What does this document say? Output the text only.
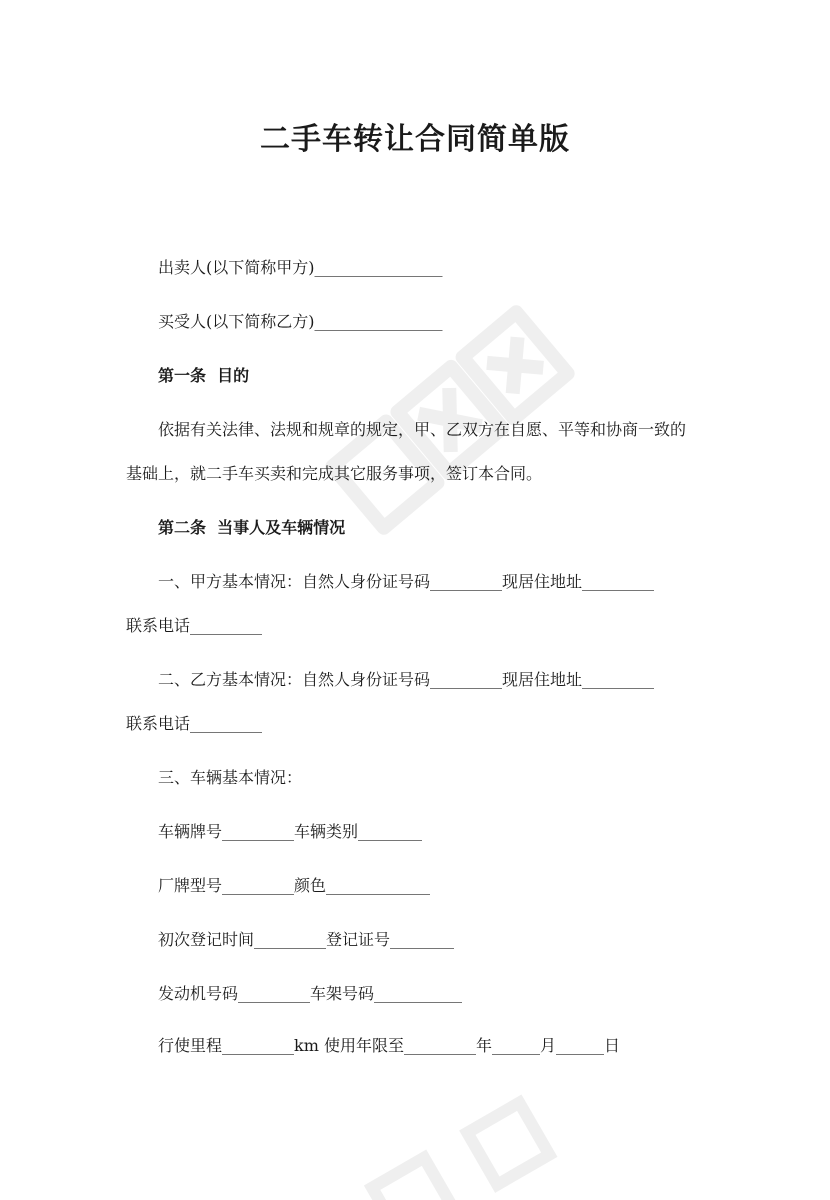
二手车转让合同简单版

出卖人(以下简称甲方)________________

买受人(以下简称乙方)________________

第一条  目的

依据有关法律、法规和规章的规定，甲、乙双方在自愿、平等和协商一致的

基础上，就二手车买卖和完成其它服务事项，签订本合同。

第二条  当事人及车辆情况

一、甲方基本情况：自然人身份证号码_________现居住地址_________

联系电话_________

二、乙方基本情况：自然人身份证号码_________现居住地址_________

联系电话_________

三、车辆基本情况：

车辆牌号_________车辆类别________

厂牌型号_________颜色_____________

初次登记时间_________登记证号________

发动机号码_________车架号码___________

行使里程_________km 使用年限至_________年______月______日
